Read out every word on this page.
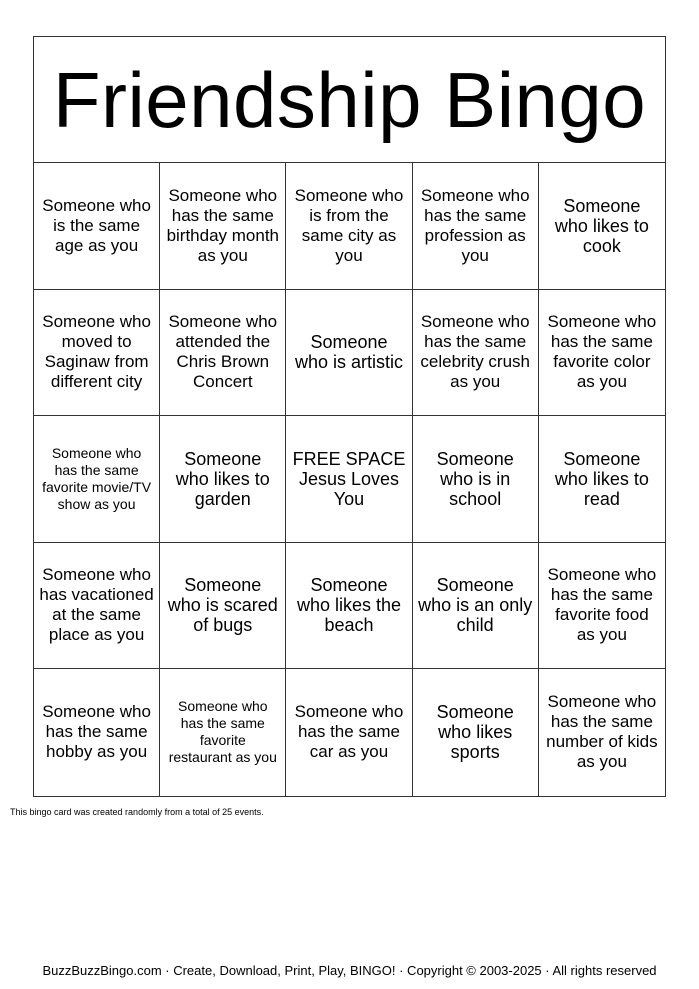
Friendship Bingo
Someone who
is the same
age as you
Someone who
has the same
birthday month
as you
Someone who
is from the
same city as
you
Someone who
has the same
profession as
you
Someone
who likes to
cook
Someone who
moved to
Saginaw from
different city
Someone who
attended the
Chris Brown
Concert
Someone
who is artistic
Someone who
has the same
celebrity crush
as you
Someone who
has the same
favorite color
as you
Someone who
has the same
favorite movie/TV
show as you
Someone
who likes to
garden
FREE SPACE
Jesus Loves
You
Someone
who is in
school
Someone
who likes to
read
Someone who
has vacationed
at the same
place as you
Someone
who is scared
of bugs
Someone
who likes the
beach
Someone
who is an only
child
Someone who
has the same
favorite food
as you
Someone who
has the same
hobby as you
Someone who
has the same
favorite
restaurant as you
Someone who
has the same
car as you
Someone
who likes
sports
Someone who
has the same
number of kids
as you

This bingo card was created randomly from a total of 25 events.

BuzzBuzzBingo.com · Create, Download, Print, Play, BINGO! · Copyright © 2003-2025 · All rights reserved
